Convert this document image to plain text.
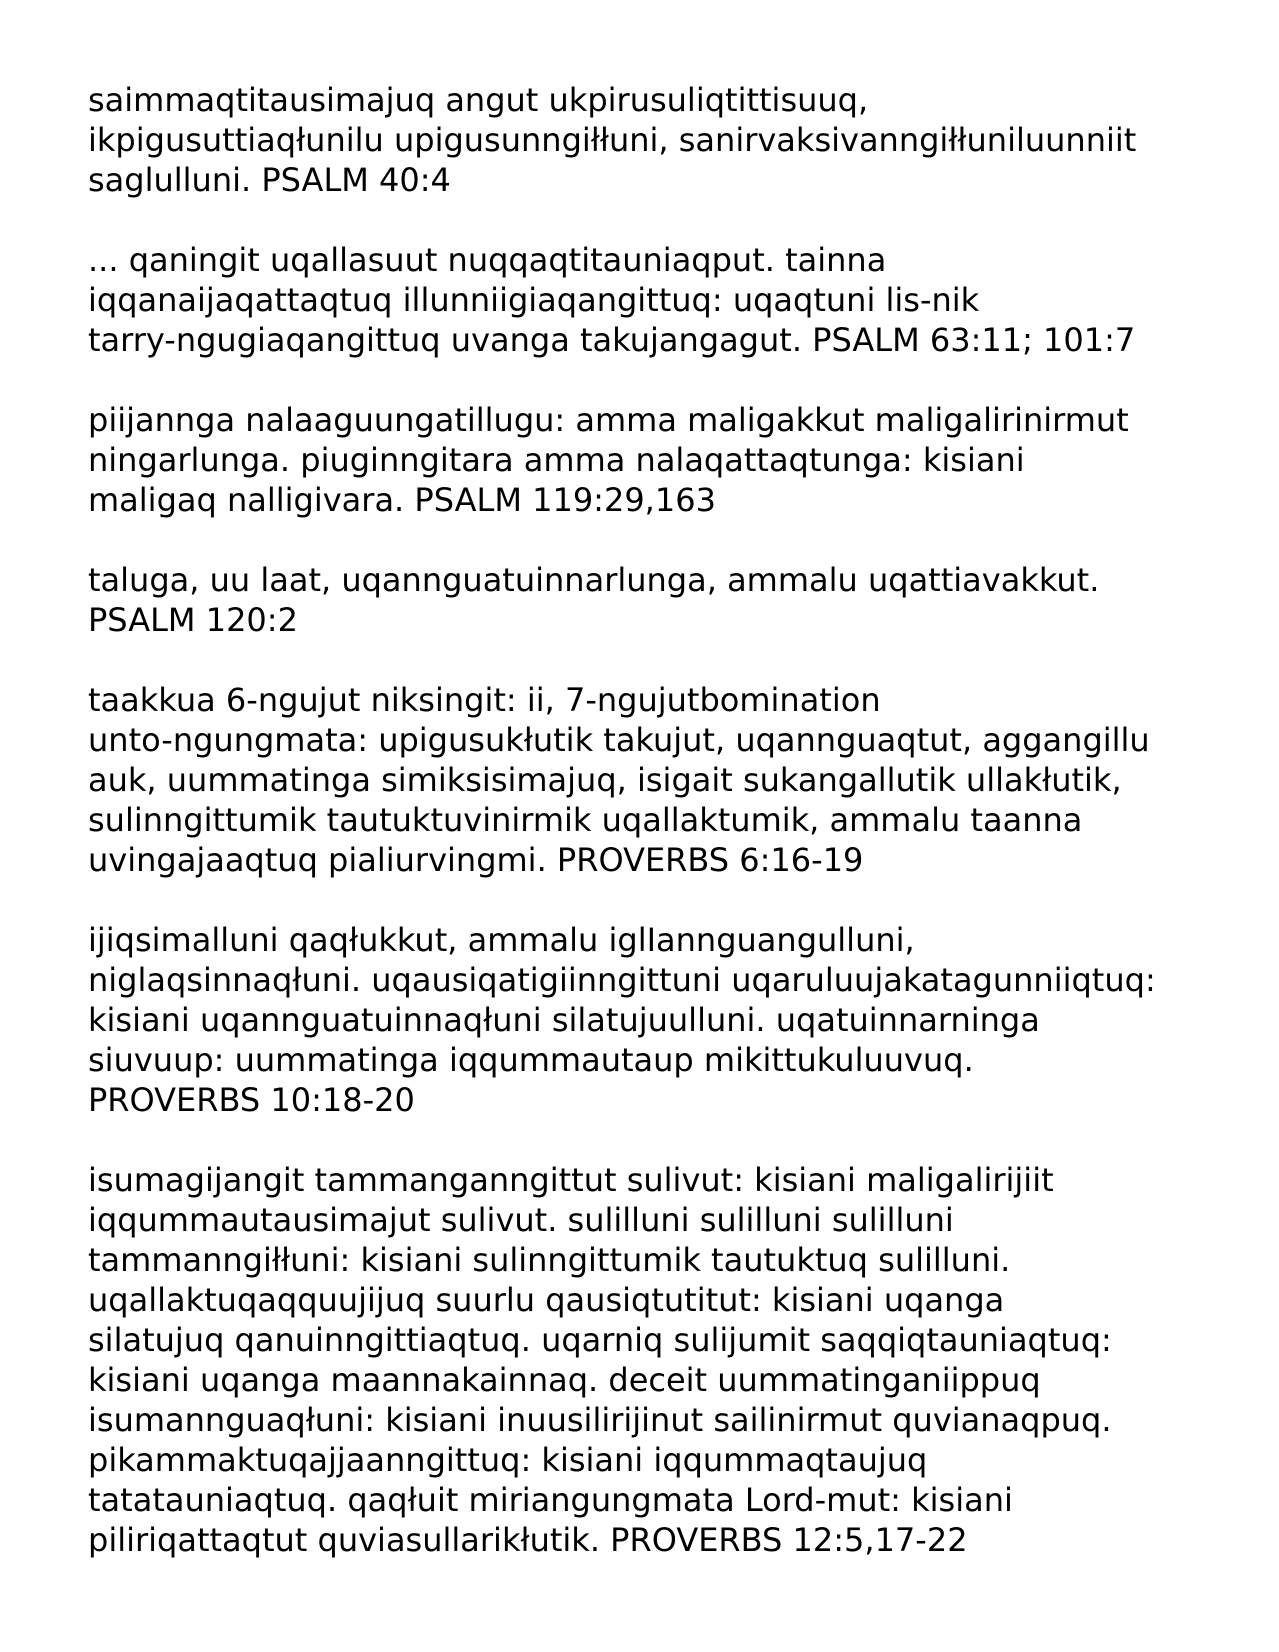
saimmaqtitausimajuq angut ukpirusuliqtittisuuq,
ikpigusuttiaqłunilu upigusunngiłłuni, sanirvaksivanngiłłuniluunniit
saglulluni. PSALM 40:4
... qaningit uqallasuut nuqqaqtitauniaqput. tainna
iqqanaijaqattaqtuq illunniigiaqangittuq: uqaqtuni lis-nik
tarry-ngugiaqangittuq uvanga takujangagut. PSALM 63:11; 101:7
piijannga nalaaguungatillugu: amma maligakkut maligalirinirmut
ningarlunga. piuginngitara amma nalaqattaqtunga: kisiani
maligaq nalligivara. PSALM 119:29,163
taluga, uu laat, uqannguatuinnarlunga, ammalu uqattiavakkut.
PSALM 120:2
taakkua 6-ngujut niksingit: ii, 7-ngujutbomination
unto-ngungmata: upigusukłutik takujut, uqannguaqtut, aggangillu
auk, uummatinga simiksisimajuq, isigait sukangallutik ullakłutik,
sulinngittumik tautuktuvinirmik uqallaktumik, ammalu taanna
uvingajaaqtuq pialiurvingmi. PROVERBS 6:16-19
ijiqsimalluni qaqłukkut, ammalu iglIannguangulluni,
niglaqsinnaqłuni. uqausiqatigiinngittuni uqaruluujakatagunniiqtuq:
kisiani uqannguatuinnaqłuni silatujuulluni. uqatuinnarninga
siuvuup: uummatinga iqqummautaup mikittukuluuvuq.
PROVERBS 10:18-20
isumagijangit tammanganngittut sulivut: kisiani maligalirijiit
iqqummautausimajut sulivut. sulilluni sulilluni sulilluni
tammanngiłłuni: kisiani sulinngittumik tautuktuq sulilluni.
uqallaktuqaqquujijuq suurlu qausiqtutitut: kisiani uqanga
silatujuq qanuinngittiaqtuq. uqarniq sulijumit saqqiqtauniaqtuq:
kisiani uqanga maannakainnaq. deceit uummatinganiippuq
isumannguaqłuni: kisiani inuusilirijinut sailinirmut quvianaqpuq.
pikammaktuqajjaanngittuq: kisiani iqqummaqtaujuq
tatatauniaqtuq. qaqłuit miriangungmata Lord-mut: kisiani
piliriqattaqtut quviasullarikłutik. PROVERBS 12:5,17-22
